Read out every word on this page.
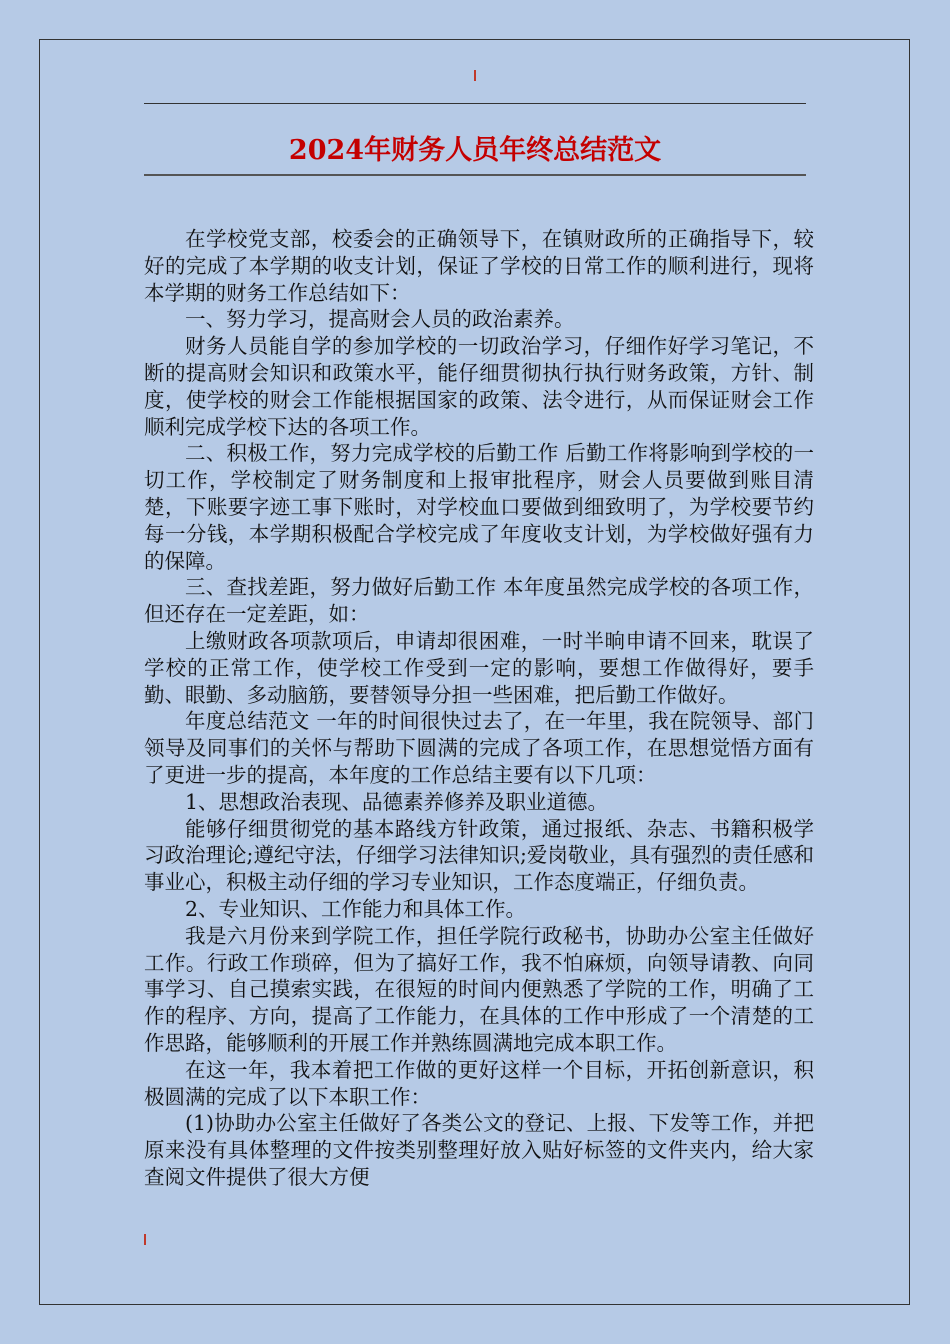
2024年财务人员年终总结范文

在学校党支部，校委会的正确领导下，在镇财政所的正确指导下，较好的完成了本学期的收支计划，保证了学校的日常工作的顺利进行，现将本学期的财务工作总结如下：

一、努力学习，提高财会人员的政治素养。

财务人员能自学的参加学校的一切政治学习，仔细作好学习笔记，不断的提高财会知识和政策水平，能仔细贯彻执行执行财务政策，方针、制度，使学校的财会工作能根据国家的政策、法令进行，从而保证财会工作顺利完成学校下达的各项工作。

二、积极工作，努力完成学校的后勤工作 后勤工作将影响到学校的一切工作，学校制定了财务制度和上报审批程序，财会人员要做到账目清楚，下账要字迹工事下账时，对学校血口要做到细致明了，为学校要节约每一分钱，本学期积极配合学校完成了年度收支计划，为学校做好强有力的保障。

三、查找差距，努力做好后勤工作 本年度虽然完成学校的各项工作，但还存在一定差距，如：

上缴财政各项款项后，申请却很困难，一时半晌申请不回来，耽误了学校的正常工作，使学校工作受到一定的影响，要想工作做得好，要手勤、眼勤、多动脑筋，要替领导分担一些困难，把后勤工作做好。

年度总结范文 一年的时间很快过去了，在一年里，我在院领导、部门领导及同事们的关怀与帮助下圆满的完成了各项工作，在思想觉悟方面有了更进一步的提高，本年度的工作总结主要有以下几项：

1、思想政治表现、品德素养修养及职业道德。

能够仔细贯彻党的基本路线方针政策，通过报纸、杂志、书籍积极学习政治理论;遵纪守法，仔细学习法律知识;爱岗敬业，具有强烈的责任感和事业心，积极主动仔细的学习专业知识，工作态度端正，仔细负责。

2、专业知识、工作能力和具体工作。

我是六月份来到学院工作，担任学院行政秘书，协助办公室主任做好工作。行政工作琐碎，但为了搞好工作，我不怕麻烦，向领导请教、向同事学习、自己摸索实践，在很短的时间内便熟悉了学院的工作，明确了工作的程序、方向，提高了工作能力，在具体的工作中形成了一个清楚的工作思路，能够顺利的开展工作并熟练圆满地完成本职工作。

在这一年，我本着把工作做的更好这样一个目标，开拓创新意识，积极圆满的完成了以下本职工作：

(1)协助办公室主任做好了各类公文的登记、上报、下发等工作，并把原来没有具体整理的文件按类别整理好放入贴好标签的文件夹内，给大家查阅文件提供了很大方便
